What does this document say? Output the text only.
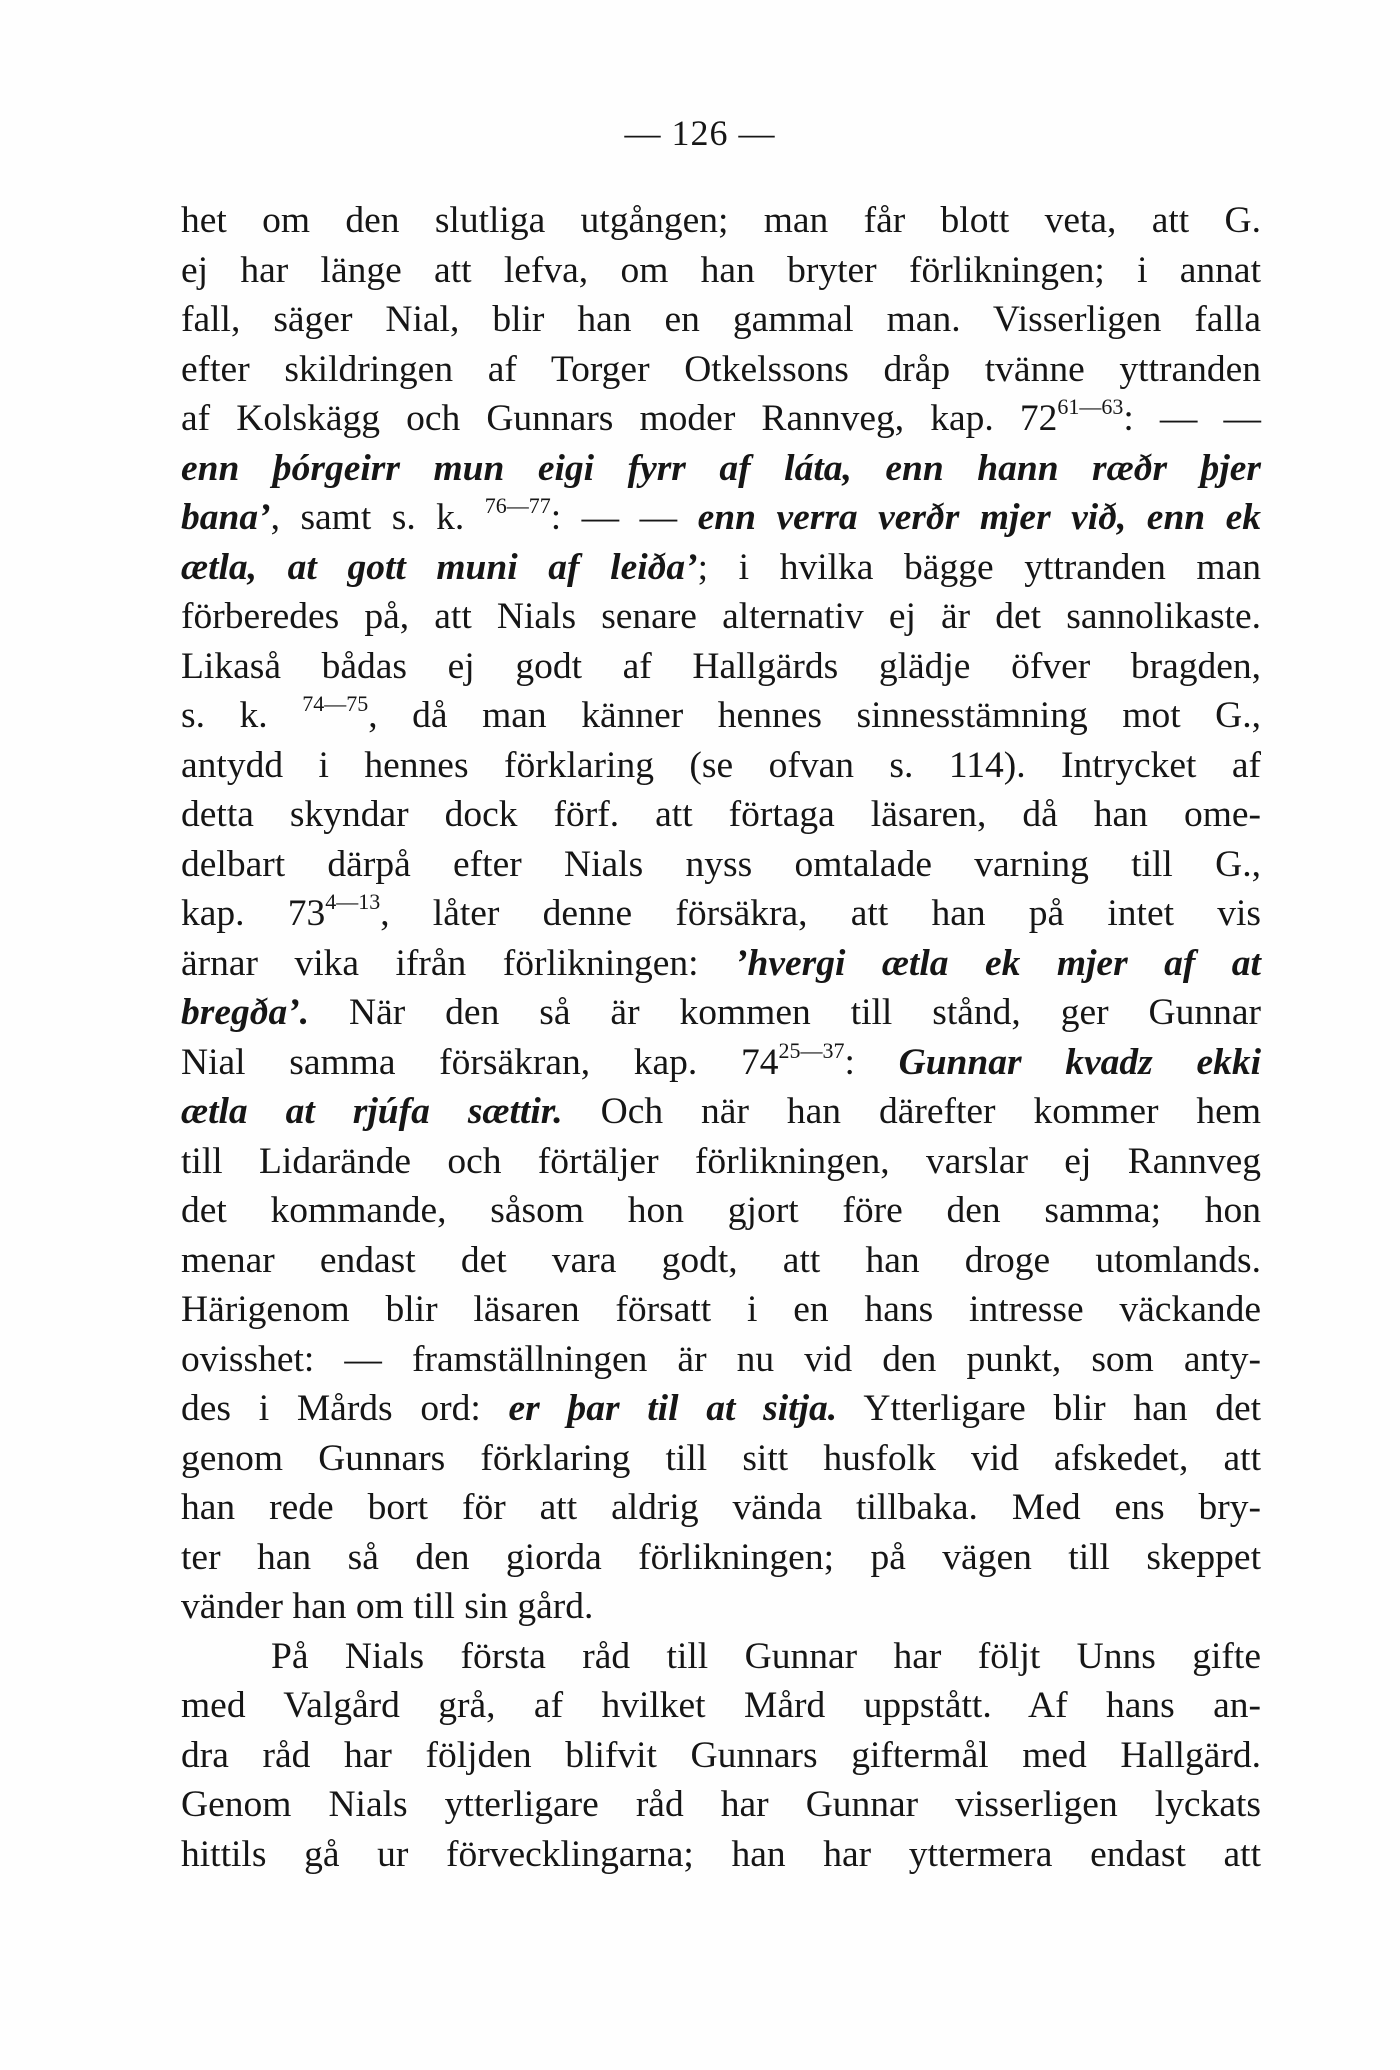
— 126 —
het om den slutliga utgången; man får blott veta, att G.
ej har länge att lefva, om han bryter förlikningen; i annat
fall, säger Nial, blir han en gammal man. Visserligen falla
efter skildringen af Torger Otkelssons dråp tvänne yttranden
af Kolskägg och Gunnars moder Rannveg, kap. $72^{61—63}$: — —
enn þórgeirr mun eigi fyrr af láta, enn hann ræðr þjer
bana’, samt s. k. $^{76—77}$: — — enn verra verðr mjer við, enn ek
ætla, at gott muni af leiða’; i hvilka bägge yttranden man
förberedes på, att Nials senare alternativ ej är det sannolikaste.
Likaså bådas ej godt af Hallgärds glädje öfver bragden,
s. k. $^{74—75}$, då man känner hennes sinnesstämning mot G.,
antydd i hennes förklaring (se ofvan s. 114). Intrycket af
detta skyndar dock förf. att förtaga läsaren, då han ome-
delbart därpå efter Nials nyss omtalade varning till G.,
kap. $73^{4—13}$, låter denne försäkra, att han på intet vis
ärnar vika ifrån förlikningen: ’hvergi ætla ek mjer af at
bregða’. När den så är kommen till stånd, ger Gunnar
Nial samma försäkran, kap. $74^{25—37}$: Gunnar kvadz ekki
ætla at rjúfa sættir. Och när han därefter kommer hem
till Lidarände och förtäljer förlikningen, varslar ej Rannveg
det kommande, såsom hon gjort före den samma; hon
menar endast det vara godt, att han droge utomlands.
Härigenom blir läsaren försatt i en hans intresse väckande
ovisshet: — framställningen är nu vid den punkt, som anty-
des i Mårds ord: er þar til at sitja. Ytterligare blir han det
genom Gunnars förklaring till sitt husfolk vid afskedet, att
han rede bort för att aldrig vända tillbaka. Med ens bry-
ter han så den giorda förlikningen; på vägen till skeppet
vänder han om till sin gård.
På Nials första råd till Gunnar har följt Unns gifte
med Valgård grå, af hvilket Mård uppstått. Af hans an-
dra råd har följden blifvit Gunnars giftermål med Hallgärd.
Genom Nials ytterligare råd har Gunnar visserligen lyckats
hittils gå ur förvecklingarna; han har yttermera endast att
